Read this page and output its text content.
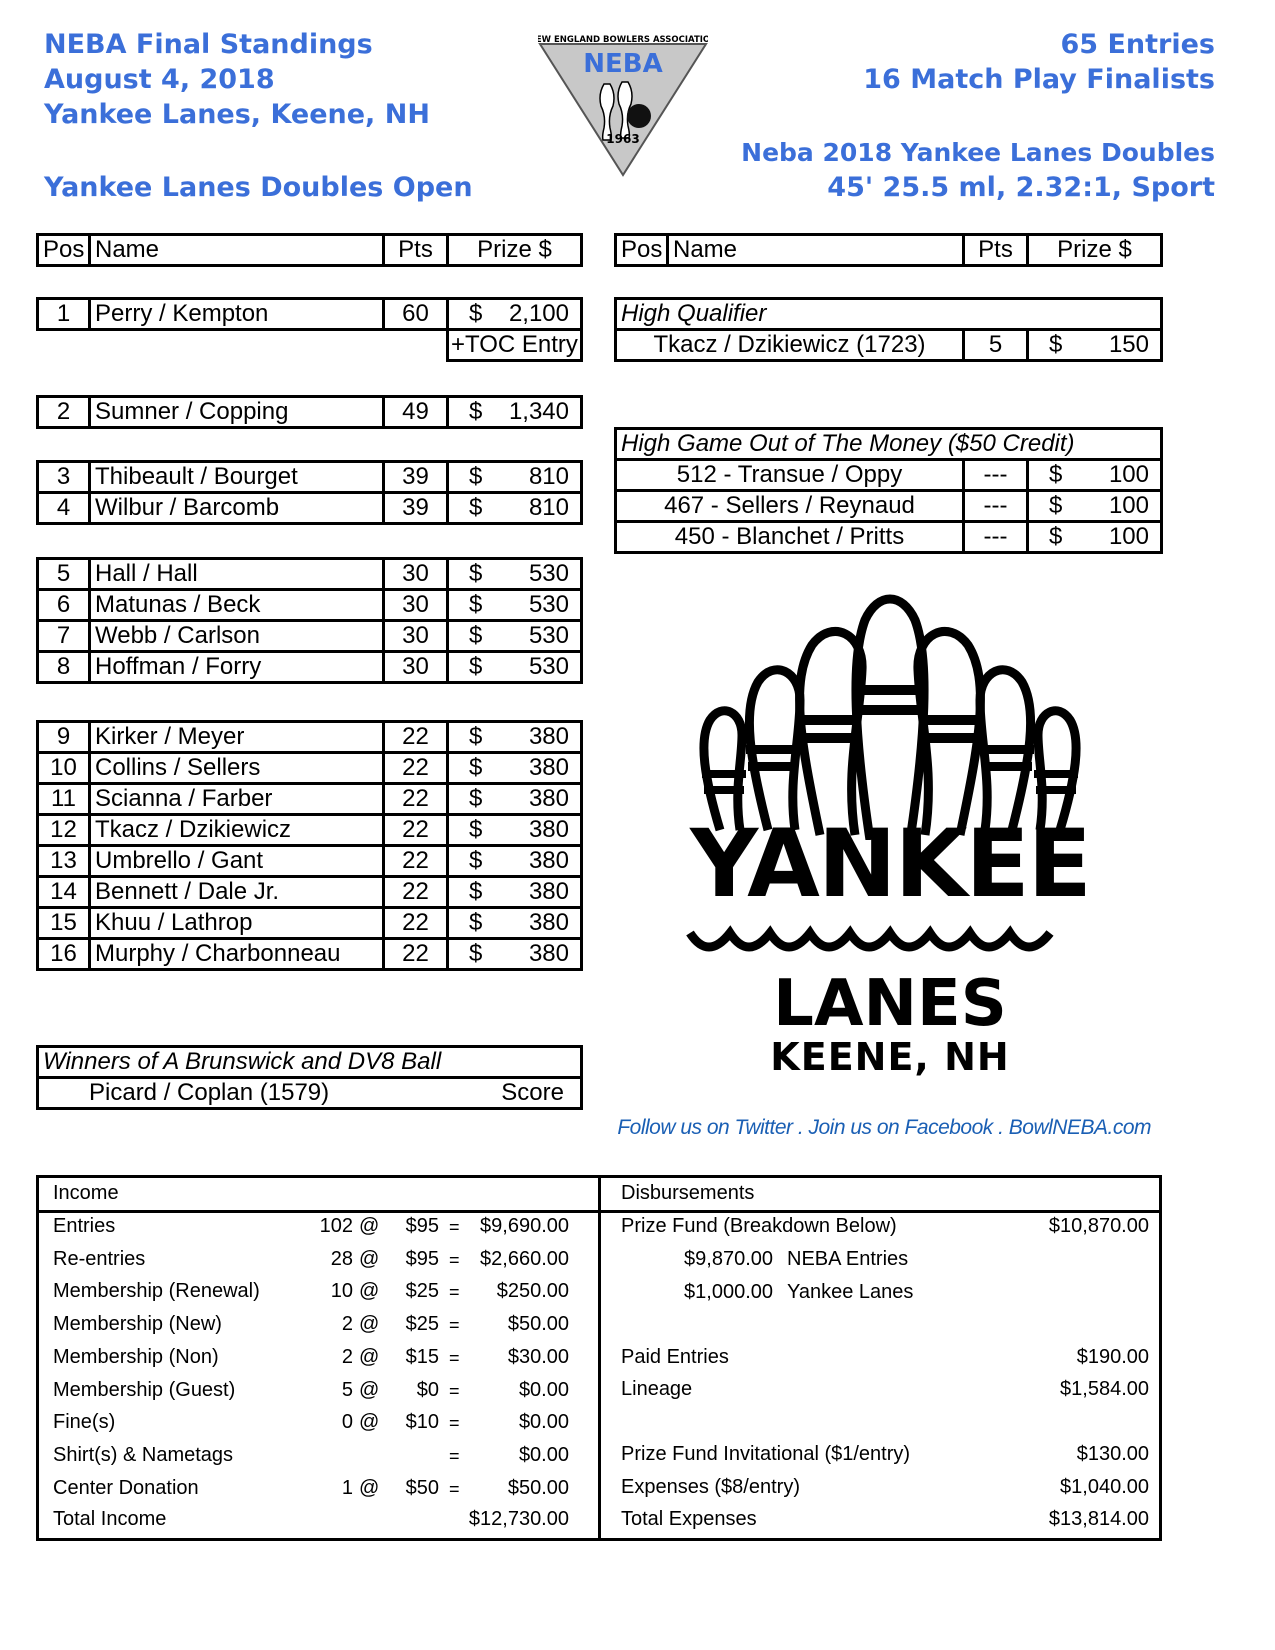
NEBA Final Standings
August 4, 2018
Yankee Lanes, Keene, NH
Yankee Lanes Doubles Open
65 Entries
16 Match Play Finalists
Neba 2018 Yankee Lanes Doubles
45' 25.5 ml, 2.32:1, Sport
NEW ENGLAND BOWLERS ASSOCIATION
NEBA
1963
Pos	Name	Pts	Prize $
1	Perry / Kempton	60	$ 2,100
			+TOC Entry
2	Sumner / Copping	49	$ 1,340
3	Thibeault / Bourget	39	$ 810
4	Wilbur / Barcomb	39	$ 810
5	Hall / Hall	30	$ 530
6	Matunas / Beck	30	$ 530
7	Webb / Carlson	30	$ 530
8	Hoffman / Forry	30	$ 530
9	Kirker / Meyer	22	$ 380
10	Collins / Sellers	22	$ 380
11	Scianna / Farber	22	$ 380
12	Tkacz / Dzikiewicz	22	$ 380
13	Umbrello / Gant	22	$ 380
14	Bennett / Dale Jr.	22	$ 380
15	Khuu / Lathrop	22	$ 380
16	Murphy / Charbonneau	22	$ 380
Pos	Name	Pts	Prize $
High Qualifier
Tkacz / Dzikiewicz (1723)	5	$ 150
High Game Out of The Money ($50 Credit)		
512 - Transue / Oppy	---	$ 100
467 - Sellers / Reynaud	---	$ 100
450 - Blanchet / Pritts	---	$ 100
Winners of A Brunswick and DV8 Ball
Picard / Coplan (1579)	Score
YANKEE
LANES
KEENE, NH
Follow us on Twitter . Join us on Facebook . BowlNEBA.com
Income	Disbursements
Entries	102 @ $95 = $9,690.00
Re-entries	28 @ $95 = $2,660.00
Membership (Renewal)	10 @ $25 = $250.00
Membership (New)	2 @ $25 = $50.00
Membership (Non)	2 @ $15 = $30.00
Membership (Guest)	5 @ $0 =	$0.00
Fine(s)	0 @ $10 =	$0.00
Shirt(s) & Nametags	=	$0.00
Center Donation	1 @ $50 = $50.00
Total Income	$12,730.00
Prize Fund (Breakdown Below)	$10,870.00
$9,870.00 NEBA Entries
$1,000.00 Yankee Lanes
Paid Entries	$190.00
Lineage	$1,584.00
Prize Fund Invitational ($1/entry)	$130.00
Expenses ($8/entry)	$1,040.00
Total Expenses	$13,814.00
